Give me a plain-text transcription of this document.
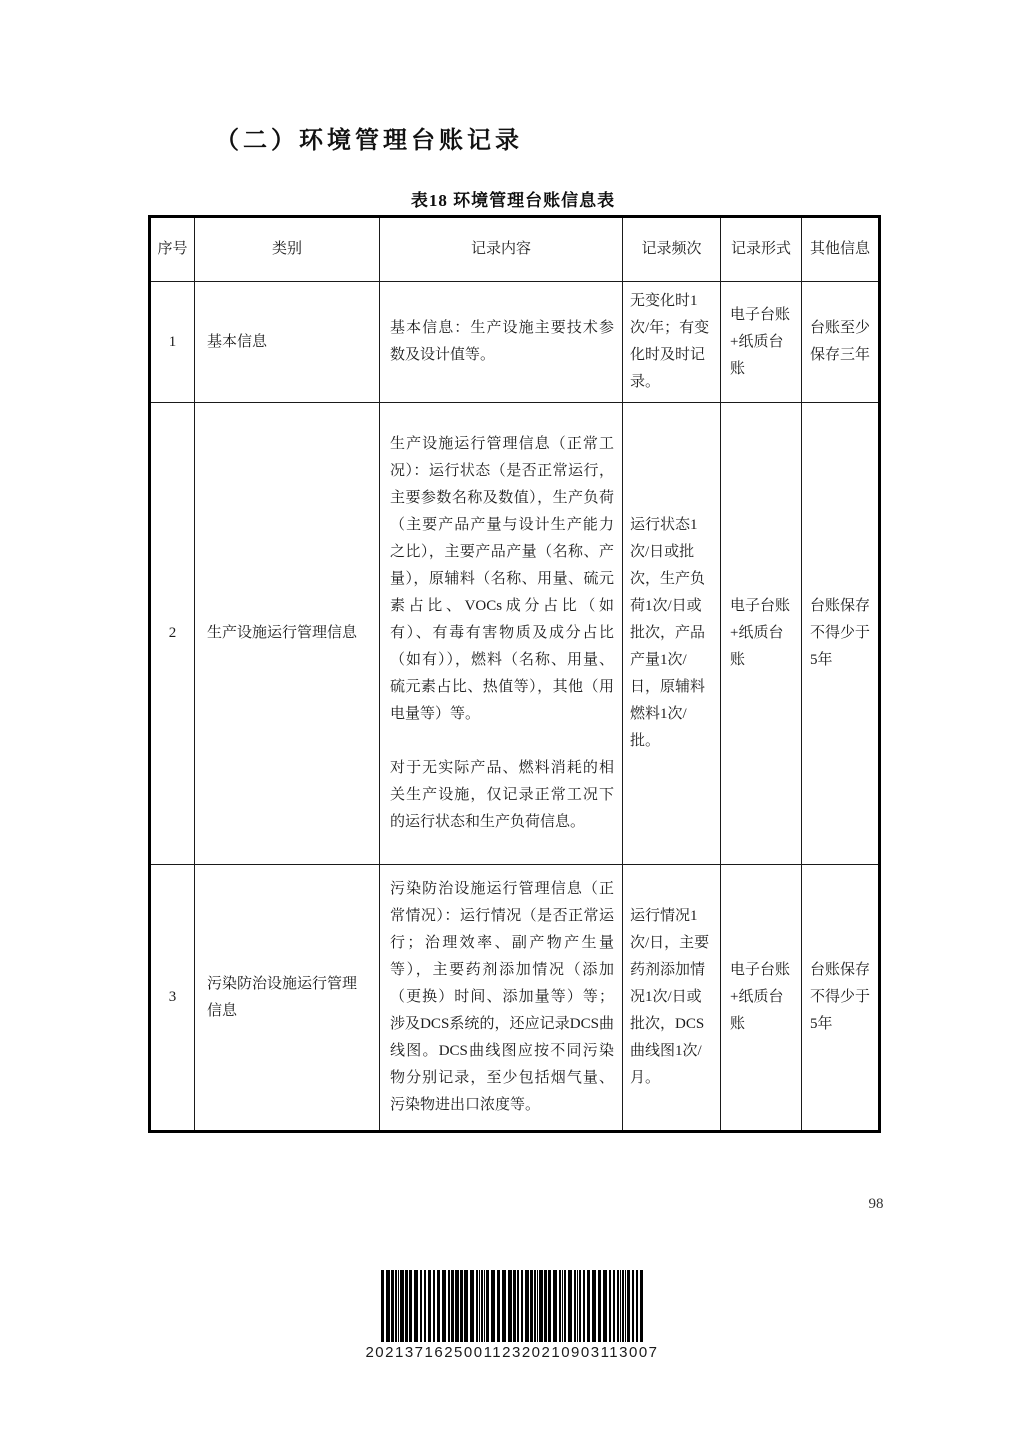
（二）环境管理台账记录
表18 环境管理台账信息表
序号	类别	记录内容	记录频次	记录形式	其他信息
1	基本信息	基本信息：生产设施主要技术参数及设计值等。	无变化时1次/年；有变化时及时记录。	电子台账+纸质台账	台账至少保存三年
2	生产设施运行管理信息	生产设施运行管理信息（正常工况）：运行状态（是否正常运行，主要参数名称及数值），生产负荷（主要产品产量与设计生产能力之比），主要产品产量（名称、产量），原辅料（名称、用量、硫元素占比、VOCs成分占比（如有）、有毒有害物质及成分占比（如有）），燃料（名称、用量、硫元素占比、热值等），其他（用电量等）等。

对于无实际产品、燃料消耗的相关生产设施，仅记录正常工况下的运行状态和生产负荷信息。	运行状态1次/日或批次，生产负荷1次/日或批次，产品产量1次/日，原辅料燃料1次/批。	电子台账+纸质台账	台账保存不得少于5年
3	污染防治设施运行管理信息	污染防治设施运行管理信息（正常情况）：运行情况（是否正常运行；治理效率、副产物产生量等），主要药剂添加情况（添加（更换）时间、添加量等）等；涉及DCS系统的，还应记录DCS曲线图。DCS曲线图应按不同污染物分别记录，至少包括烟气量、污染物进出口浓度等。	运行情况1次/日，主要药剂添加情况1次/日或批次，DCS曲线图1次/月。	电子台账+纸质台账	台账保存不得少于5年
98
202137162500112320210903113007
